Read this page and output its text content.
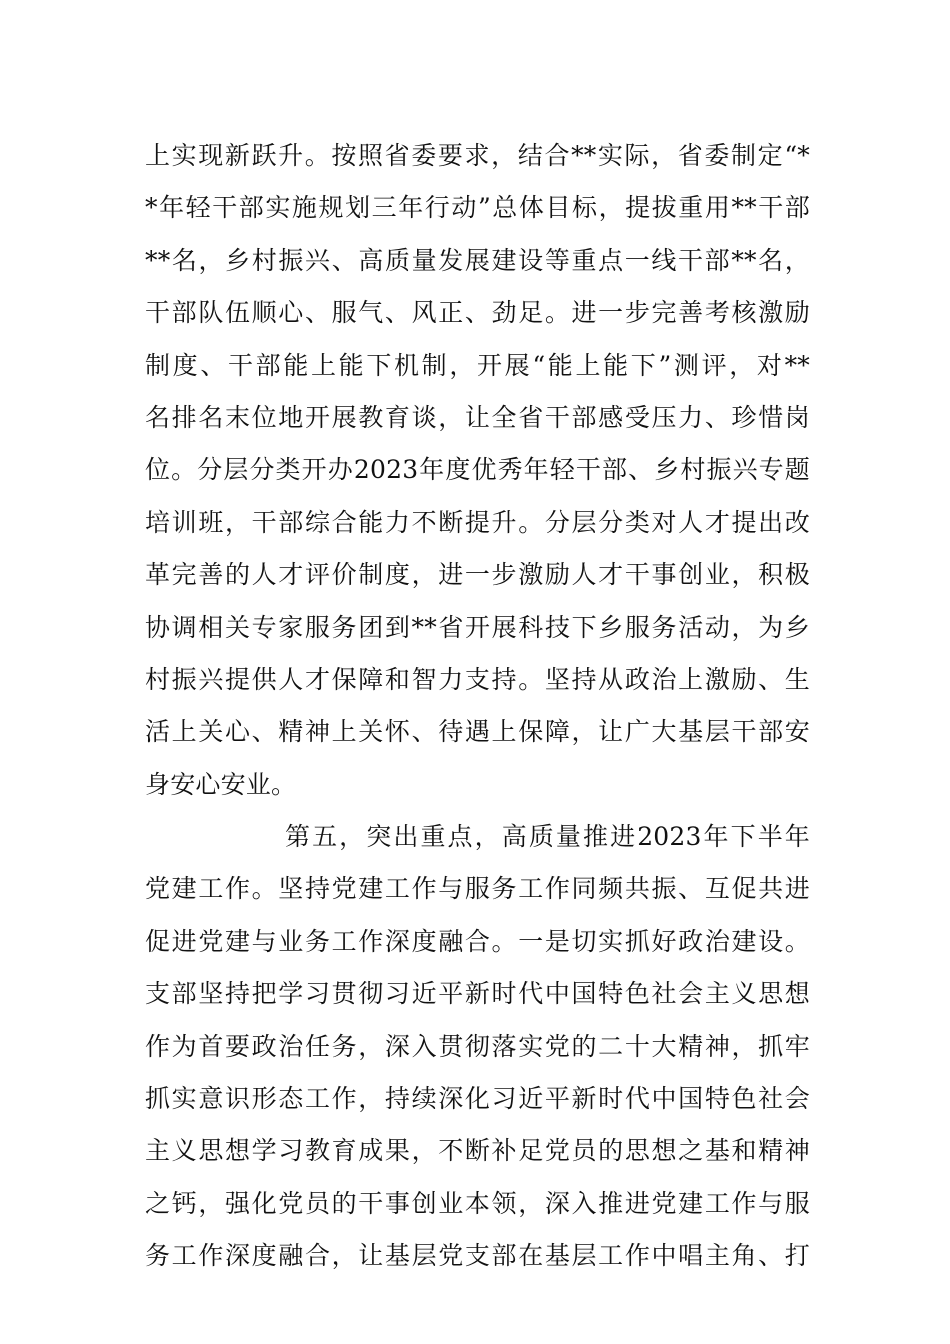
上实现新跃升。按照省委要求，结合**实际，省委制定“*
*年轻干部实施规划三年行动”总体目标，提拔重用**干部
**名，乡村振兴、高质量发展建设等重点一线干部**名，
干部队伍顺心、服气、风正、劲足。进一步完善考核激励
制度、干部能上能下机制，开展“能上能下”测评，对**
名排名末位地开展教育谈，让全省干部感受压力、珍惜岗
位。分层分类开办2023年度优秀年轻干部、乡村振兴专题
培训班，干部综合能力不断提升。分层分类对人才提出改
革完善的人才评价制度，进一步激励人才干事创业，积极
协调相关专家服务团到**省开展科技下乡服务活动，为乡
村振兴提供人才保障和智力支持。坚持从政治上激励、生
活上关心、精神上关怀、待遇上保障，让广大基层干部安
身安心安业。
第五，突出重点，高质量推进2023年下半年
党建工作。坚持党建工作与服务工作同频共振、互促共进
促进党建与业务工作深度融合。一是切实抓好政治建设。
支部坚持把学习贯彻习近平新时代中国特色社会主义思想
作为首要政治任务，深入贯彻落实党的二十大精神，抓牢
抓实意识形态工作，持续深化习近平新时代中国特色社会
主义思想学习教育成果，不断补足党员的思想之基和精神
之钙，强化党员的干事创业本领，深入推进党建工作与服
务工作深度融合，让基层党支部在基层工作中唱主角、打
